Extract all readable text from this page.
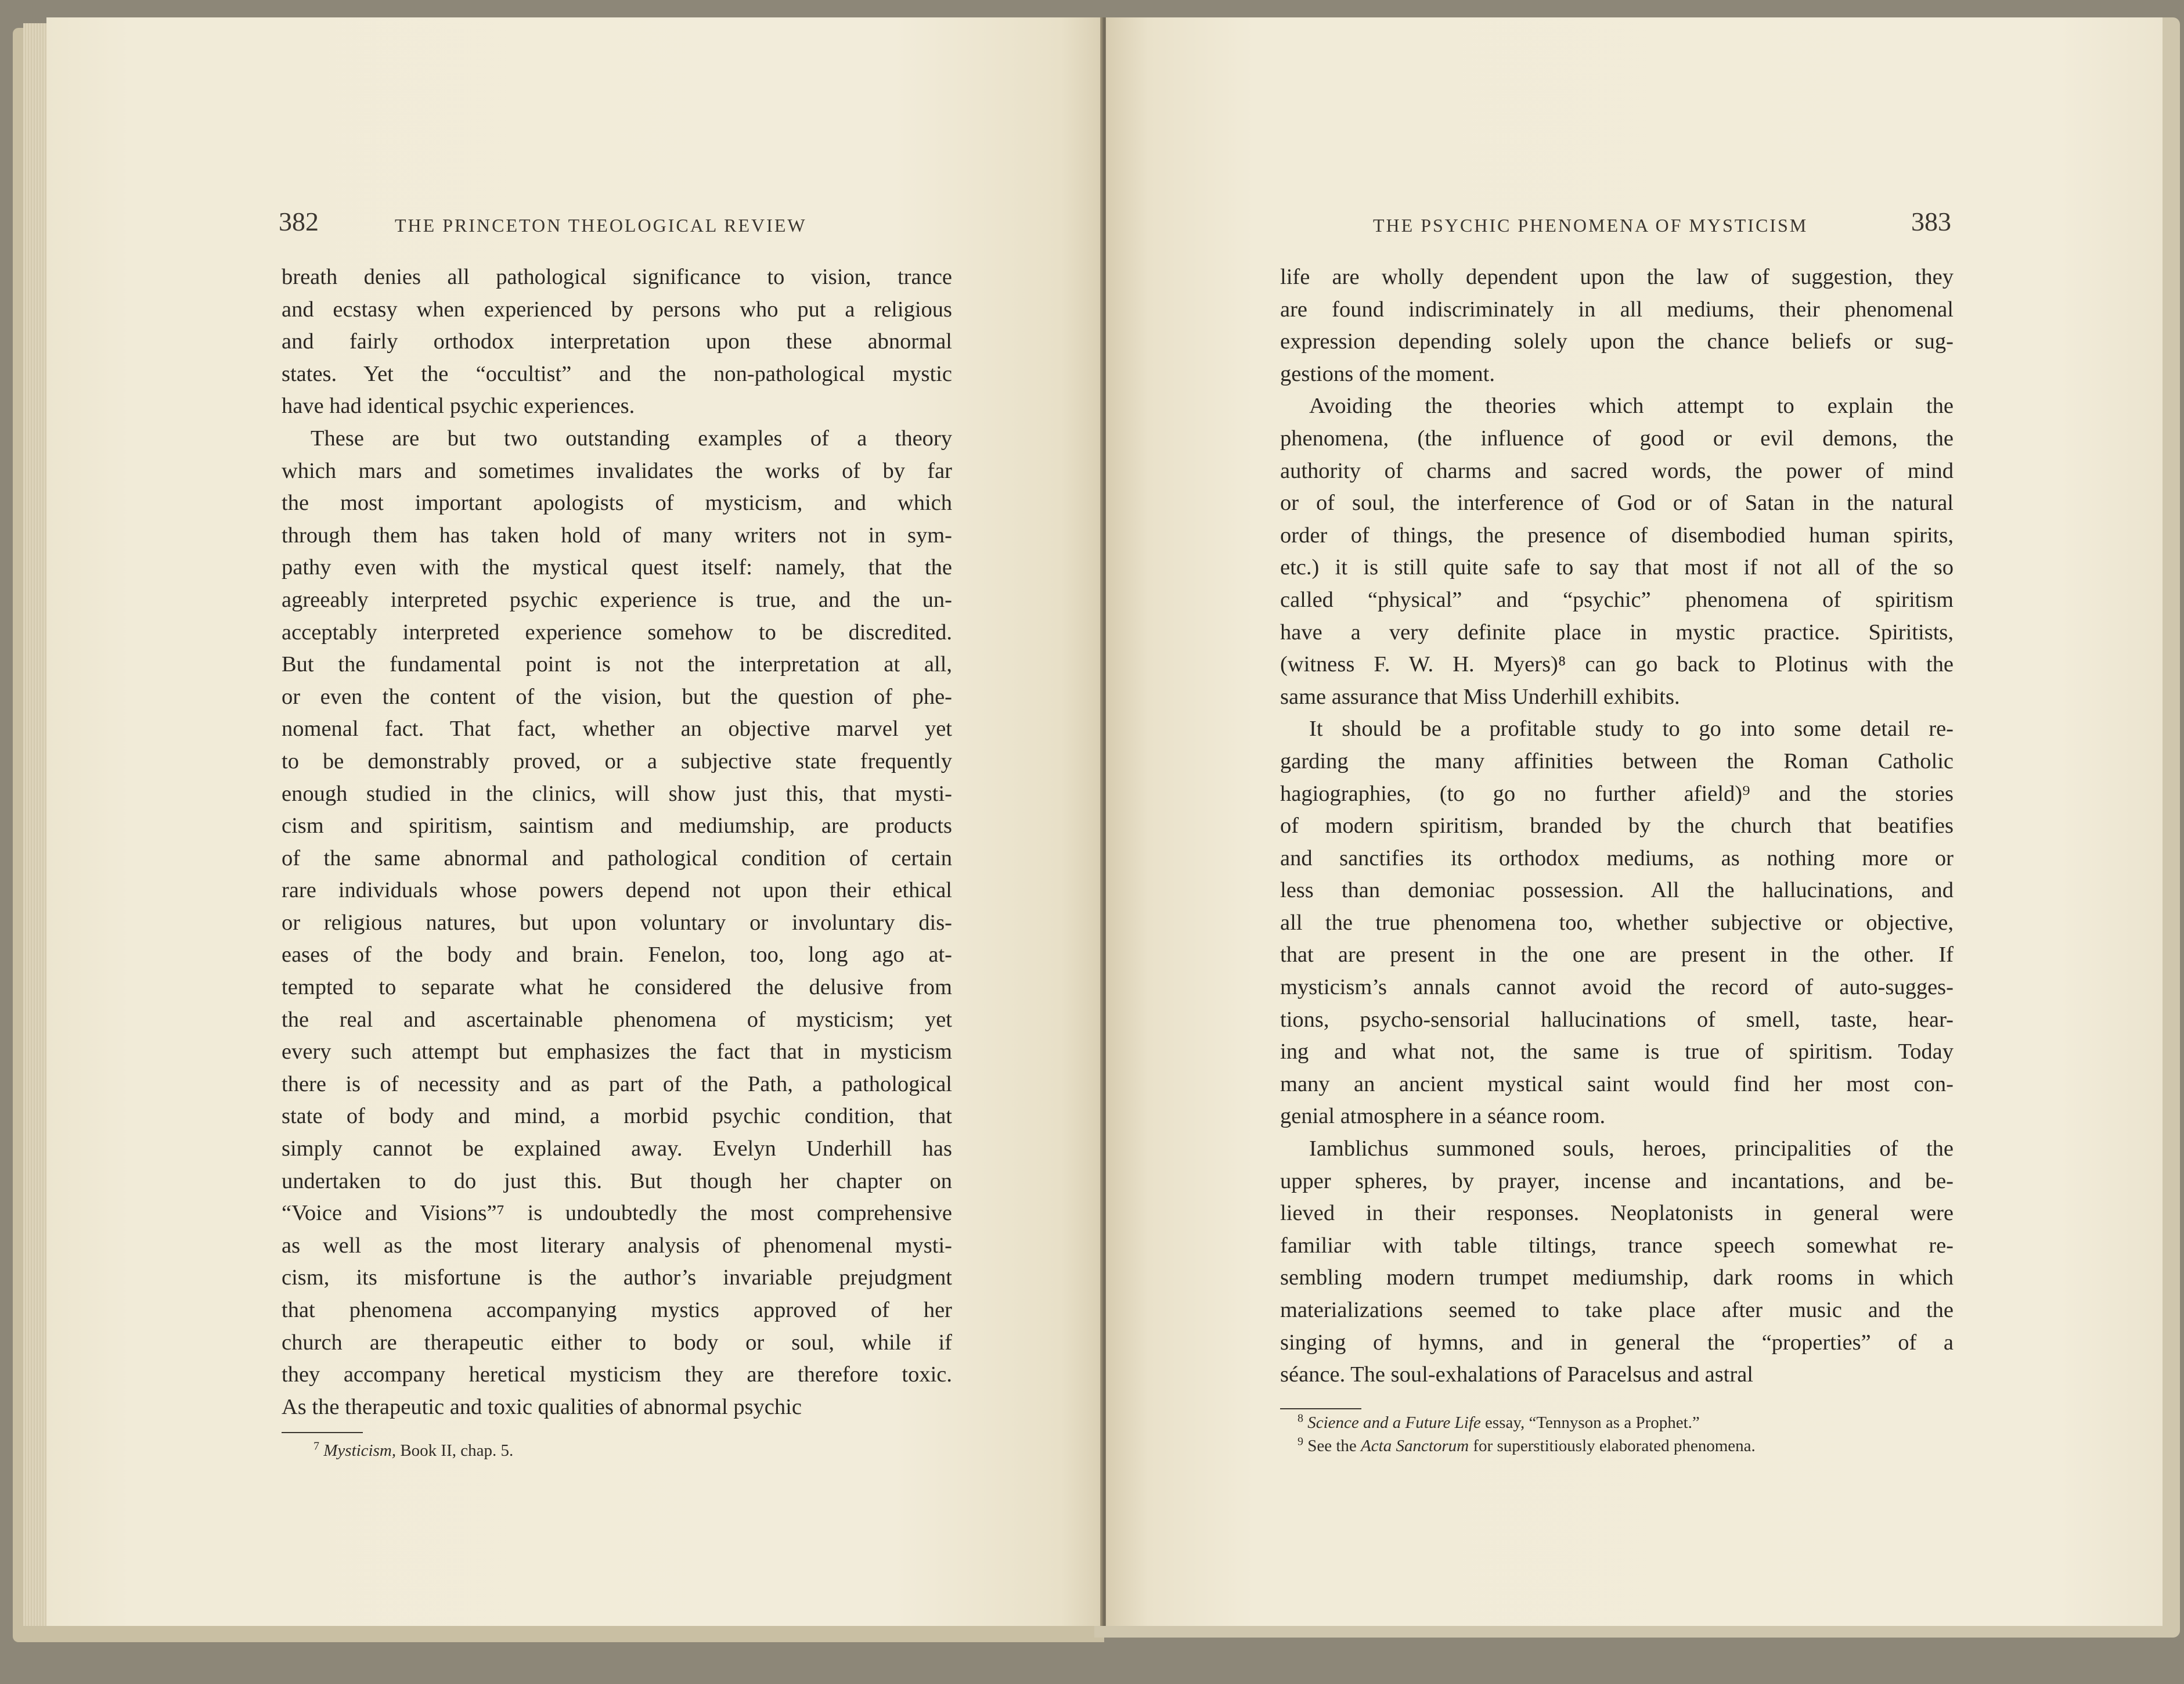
382	THE PRINCETON THEOLOGICAL REVIEW
breath denies all pathological significance to vision, trance
and ecstasy when experienced by persons who put a religious
and fairly orthodox interpretation upon these abnormal
states. Yet the “occultist” and the non-pathological mystic
have had identical psychic experiences.
These are but two outstanding examples of a theory
which mars and sometimes invalidates the works of by far
the most important apologists of mysticism, and which
through them has taken hold of many writers not in sym-
pathy even with the mystical quest itself: namely, that the
agreeably interpreted psychic experience is true, and the un-
acceptably interpreted experience somehow to be discredited.
But the fundamental point is not the interpretation at all,
or even the content of the vision, but the question of phe-
nomenal fact. That fact, whether an objective marvel yet
to be demonstrably proved, or a subjective state frequently
enough studied in the clinics, will show just this, that mysti-
cism and spiritism, saintism and mediumship, are products
of the same abnormal and pathological condition of certain
rare individuals whose powers depend not upon their ethical
or religious natures, but upon voluntary or involuntary dis-
eases of the body and brain. Fenelon, too, long ago at-
tempted to separate what he considered the delusive from
the real and ascertainable phenomena of mysticism; yet
every such attempt but emphasizes the fact that in mysticism
there is of necessity and as part of the Path, a pathological
state of body and mind, a morbid psychic condition, that
simply cannot be explained away. Evelyn Underhill has
undertaken to do just this. But though her chapter on
“Voice and Visions”⁷ is undoubtedly the most comprehensive
as well as the most literary analysis of phenomenal mysti-
cism, its misfortune is the author’s invariable prejudgment
that phenomena accompanying mystics approved of her
church are therapeutic either to body or soul, while if
they accompany heretical mysticism they are therefore toxic.
As the therapeutic and toxic qualities of abnormal psychic
$^7$ Mysticism, Book II, chap. 5.
THE PSYCHIC PHENOMENA OF MYSTICISM	383
life are wholly dependent upon the law of suggestion, they
are found indiscriminately in all mediums, their phenomenal
expression depending solely upon the chance beliefs or sug-
gestions of the moment.
Avoiding the theories which attempt to explain the
phenomena, (the influence of good or evil demons, the
authority of charms and sacred words, the power of mind
or of soul, the interference of God or of Satan in the natural
order of things, the presence of disembodied human spirits,
etc.) it is still quite safe to say that most if not all of the so
called “physical” and “psychic” phenomena of spiritism
have a very definite place in mystic practice. Spiritists,
(witness F. W. H. Myers)⁸ can go back to Plotinus with the
same assurance that Miss Underhill exhibits.
It should be a profitable study to go into some detail re-
garding the many affinities between the Roman Catholic
hagiographies, (to go no further afield)⁹ and the stories
of modern spiritism, branded by the church that beatifies
and sanctifies its orthodox mediums, as nothing more or
less than demoniac possession. All the hallucinations, and
all the true phenomena too, whether subjective or objective,
that are present in the one are present in the other. If
mysticism’s annals cannot avoid the record of auto-sugges-
tions, psycho-sensorial hallucinations of smell, taste, hear-
ing and what not, the same is true of spiritism. Today
many an ancient mystical saint would find her most con-
genial atmosphere in a séance room.
Iamblichus summoned souls, heroes, principalities of the
upper spheres, by prayer, incense and incantations, and be-
lieved in their responses. Neoplatonists in general were
familiar with table tiltings, trance speech somewhat re-
sembling modern trumpet mediumship, dark rooms in which
materializations seemed to take place after music and the
singing of hymns, and in general the “properties” of a
séance. The soul-exhalations of Paracelsus and astral
$^8$ Science and a Future Life essay, “Tennyson as a Prophet.”
$^9$ See the Acta Sanctorum for superstitiously elaborated phenomena.
